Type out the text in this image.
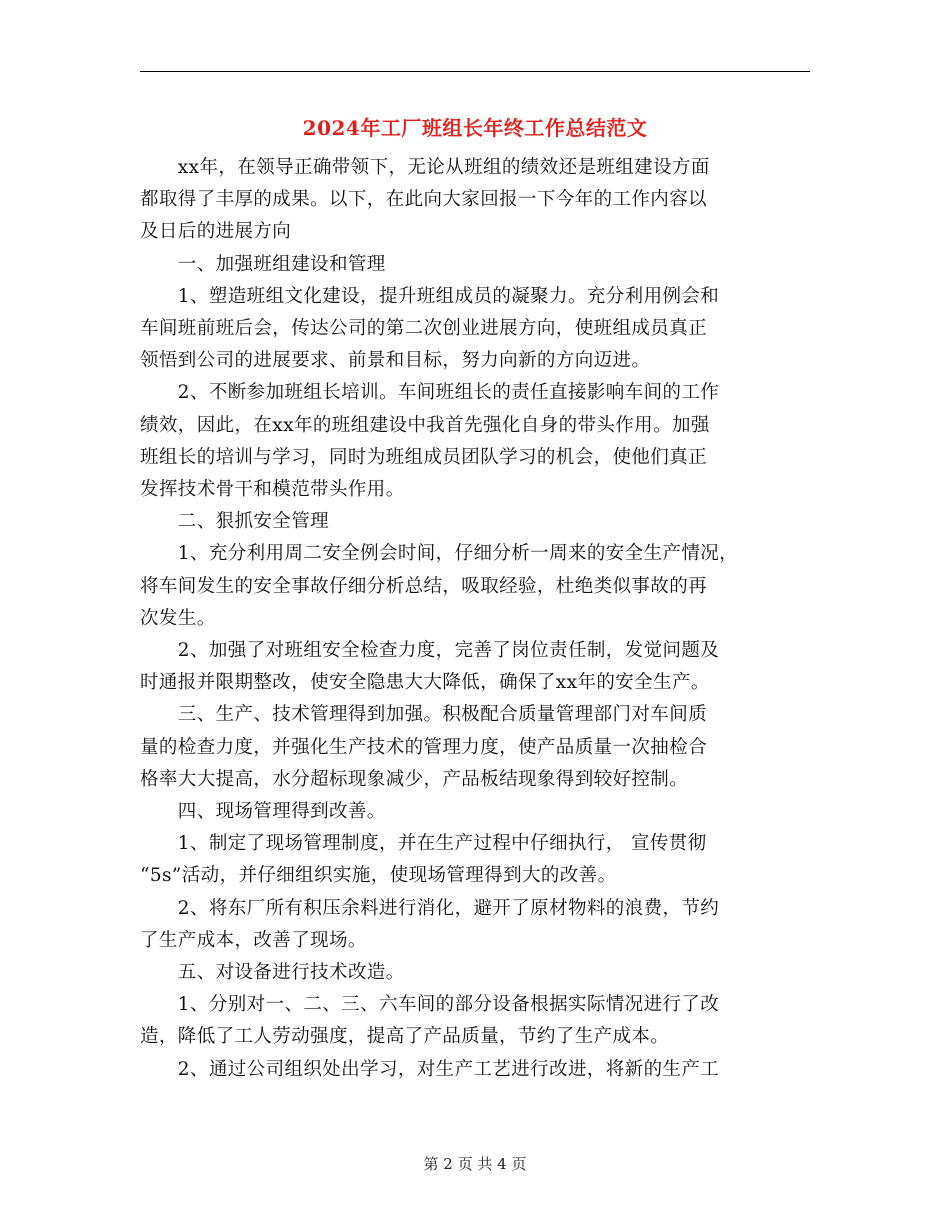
2024年工厂班组长年终工作总结范文
　　xx年，在领导正确带领下，无论从班组的绩效还是班组建设方面
都取得了丰厚的成果。以下，在此向大家回报一下今年的工作内容以
及日后的进展方向
　　一、加强班组建设和管理
　　1、塑造班组文化建设，提升班组成员的凝聚力。充分利用例会和
车间班前班后会，传达公司的第二次创业进展方向，使班组成员真正
领悟到公司的进展要求、前景和目标，努力向新的方向迈进。
　　2、不断参加班组长培训。车间班组长的责任直接影响车间的工作
绩效，因此，在xx年的班组建设中我首先强化自身的带头作用。加强
班组长的培训与学习，同时为班组成员团队学习的机会，使他们真正
发挥技术骨干和模范带头作用。
　　二、狠抓安全管理
　　1、充分利用周二安全例会时间，仔细分析一周来的安全生产情况，
将车间发生的安全事故仔细分析总结，吸取经验，杜绝类似事故的再
次发生。
　　2、加强了对班组安全检查力度，完善了岗位责任制，发觉问题及
时通报并限期整改，使安全隐患大大降低，确保了xx年的安全生产。
　　三、生产、技术管理得到加强。积极配合质量管理部门对车间质
量的检查力度，并强化生产技术的管理力度，使产品质量一次抽检合
格率大大提高，水分超标现象减少，产品板结现象得到较好控制。
　　四、现场管理得到改善。
　　1、制定了现场管理制度，并在生产过程中仔细执行， 宣传贯彻
“5s”活动，并仔细组织实施，使现场管理得到大的改善。
　　2、将东厂所有积压余料进行消化，避开了原材物料的浪费，节约
了生产成本，改善了现场。
　　五、对设备进行技术改造。
　　1、分别对一、二、三、六车间的部分设备根据实际情况进行了改
造，降低了工人劳动强度，提高了产品质量，节约了生产成本。
　　2、通过公司组织处出学习，对生产工艺进行改进，将新的生产工
第 2 页 共 4 页
